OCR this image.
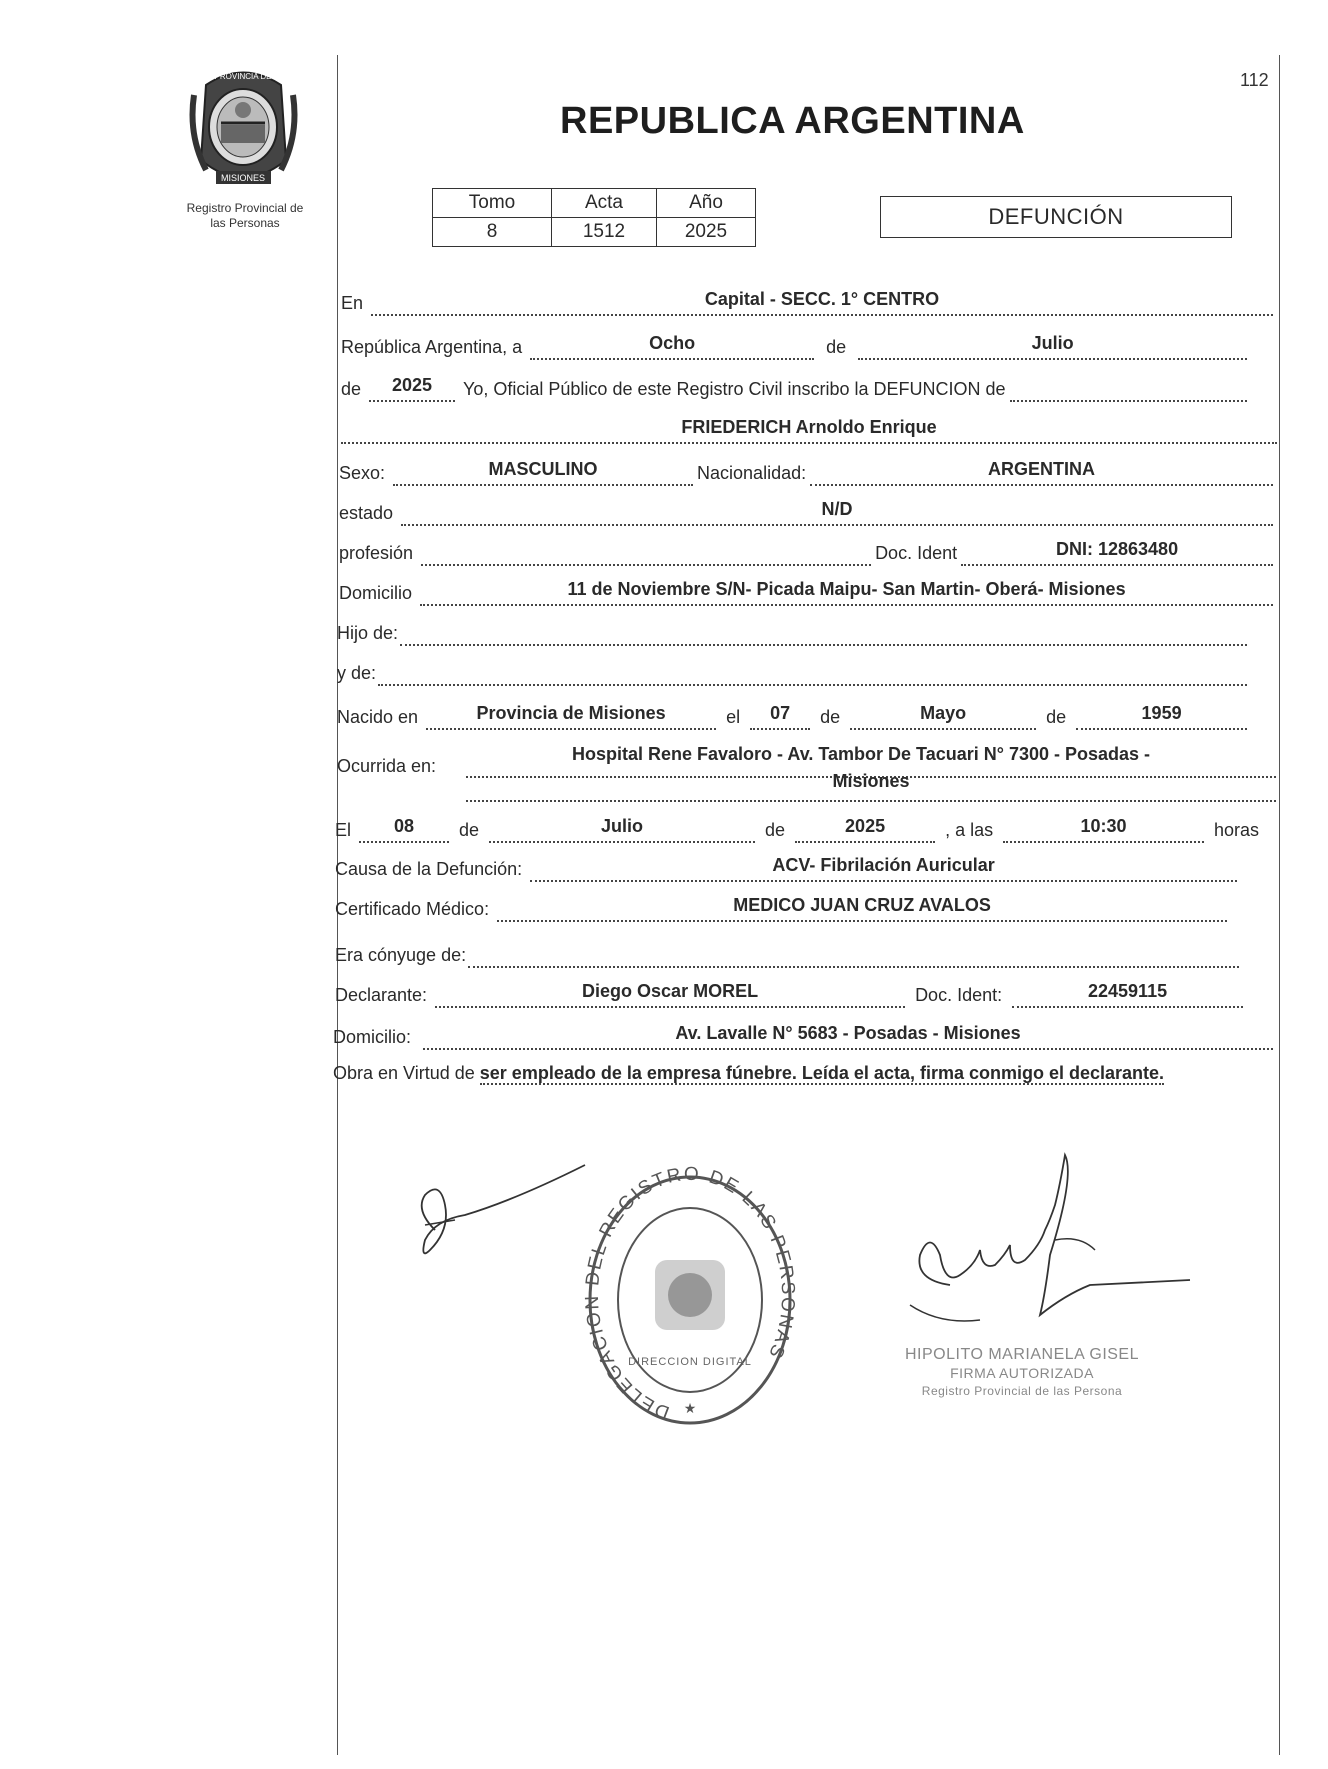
112
REPUBLICA ARGENTINA
PROVINCIA DE
MISIONES
Registro Provincial de
las Personas
Tomo	Acta	Año
8	1512	2025
DEFUNCIÓN
En	Capital - SECC. 1° CENTRO
República Argentina, a	Ocho	de	Julio
de	2025	Yo, Oficial Público de este Registro Civil inscribo la DEFUNCION de
FRIEDERICH Arnoldo Enrique
Sexo:	MASCULINO	Nacionalidad:	ARGENTINA
estado	N/D
profesión	Doc. Ident	DNI: 12863480
Domicilio	11 de Noviembre S/N- Picada Maipu- San Martin- Oberá- Misiones
Hijo de:
y de:
Nacido en	Provincia de Misiones	el	07	de	Mayo	de	1959
Ocurrida en:
Hospital Rene Favaloro - Av. Tambor De Tacuari N° 7300 - Posadas -
Misiones
El	08	de	Julio	de	2025	, a las	10:30	horas
Causa de la Defunción:	ACV- Fibrilación Auricular
Certificado Médico:	MEDICO JUAN CRUZ AVALOS
Era cónyuge de:
Declarante:	Diego Oscar MOREL	Doc. Ident:	22459115
Domicilio:	Av. Lavalle N° 5683 - Posadas - Misiones
Obra en Virtud de ser empleado de la empresa fúnebre. Leída el acta, firma conmigo el declarante.
DELEGACION DEL REGISTRO DE LAS PERSONAS
DIRECCION DIGITAL
★
HIPOLITO MARIANELA GISEL
FIRMA AUTORIZADA
Registro Provincial de las Persona
